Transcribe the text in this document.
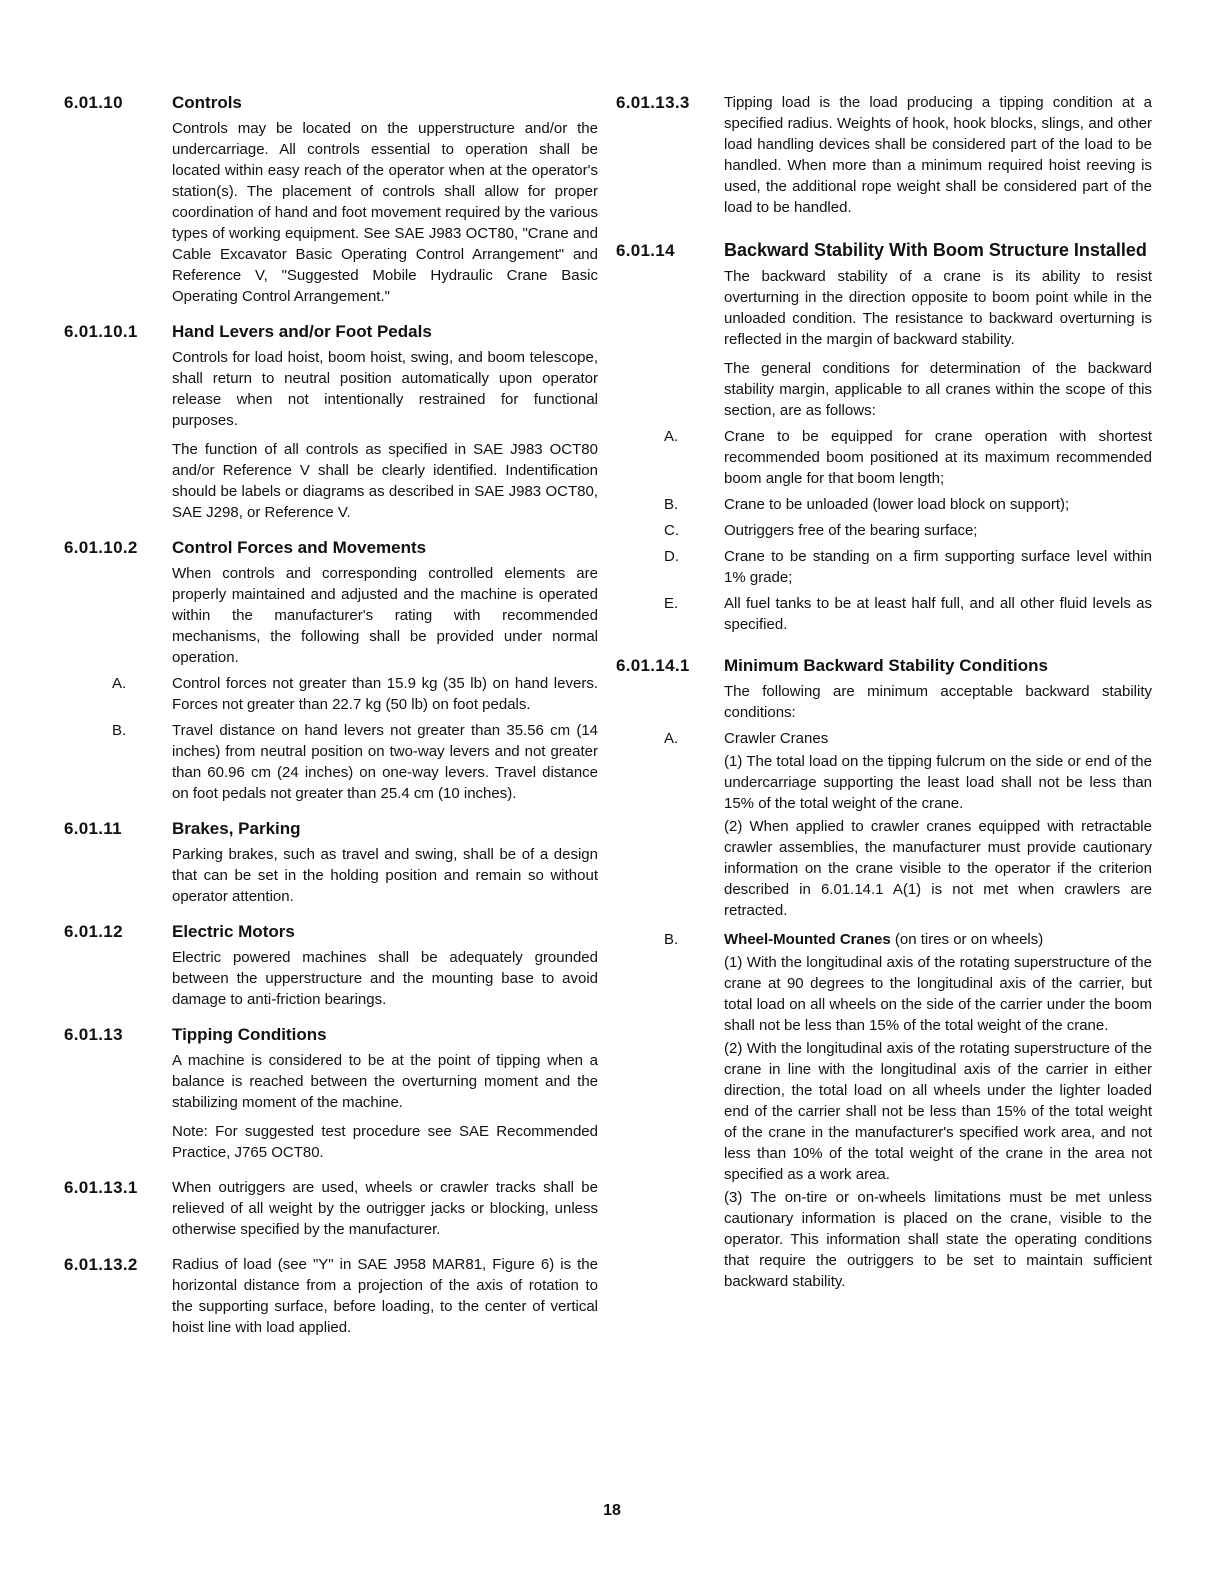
6.01.10	Controls

Controls may be located on the upperstructure and/or the undercarriage. All controls essential to operation shall be located within easy reach of the operator when at the operator's station(s). The placement of controls shall allow for proper coordination of hand and foot movement required by the various types of working equipment. See SAE J983 OCT80, "Crane and Cable Excavator Basic Operating Control Arrangement" and Reference V, "Suggested Mobile Hydraulic Crane Basic Operating Control Arrangement."

6.01.10.1	Hand Levers and/or Foot Pedals

Controls for load hoist, boom hoist, swing, and boom telescope, shall return to neutral position automatically upon operator release when not intentionally restrained for functional purposes.

The function of all controls as specified in SAE J983 OCT80 and/or Reference V shall be clearly identified. Indentification should be labels or diagrams as described in SAE J983 OCT80, SAE J298, or Reference V.

6.01.10.2	Control Forces and Movements

When controls and corresponding controlled elements are properly maintained and adjusted and the machine is operated within the manufacturer's rating with recommended mechanisms, the following shall be provided under normal operation.

A.	Control forces not greater than 15.9 kg (35 lb) on hand levers. Forces not greater than 22.7 kg (50 lb) on foot pedals.
B.	Travel distance on hand levers not greater than 35.56 cm (14 inches) from neutral position on two-way levers and not greater than 60.96 cm (24 inches) on one-way levers. Travel distance on foot pedals not greater than 25.4 cm (10 inches).
6.01.11	Brakes, Parking

Parking brakes, such as travel and swing, shall be of a design that can be set in the holding position and remain so without operator attention.

6.01.12	Electric Motors

Electric powered machines shall be adequately grounded between the upperstructure and the mounting base to avoid damage to anti-friction bearings.

6.01.13	Tipping Conditions

A machine is considered to be at the point of tipping when a balance is reached between the overturning moment and the stabilizing moment of the machine.

Note: For suggested test procedure see SAE Recommended Practice, J765 OCT80.

6.01.13.1	When outriggers are used, wheels or crawler tracks shall be relieved of all weight by the outrigger jacks or blocking, unless otherwise specified by the manufacturer.
6.01.13.2	Radius of load (see "Y" in SAE J958 MAR81, Figure 6) is the horizontal distance from a projection of the axis of rotation to the supporting surface, before loading, to the center of vertical hoist line with load applied.
6.01.13.3	Tipping load is the load producing a tipping condition at a specified radius. Weights of hook, hook blocks, slings, and other load handling devices shall be considered part of the load to be handled. When more than a minimum required hoist reeving is used, the additional rope weight shall be considered part of the load to be handled.
6.01.14	Backward Stability With Boom Structure Installed

The backward stability of a crane is its ability to resist overturning in the direction opposite to boom point while in the unloaded condition. The resistance to backward overturning is reflected in the margin of backward stability.

The general conditions for determination of the backward stability margin, applicable to all cranes within the scope of this section, are as follows:

A.	Crane to be equipped for crane operation with shortest recommended boom positioned at its maximum recommended boom angle for that boom length;
B.	Crane to be unloaded (lower load block on support);
C.	Outriggers free of the bearing surface;
D.	Crane to be standing on a firm supporting surface level within 1% grade;
E.	All fuel tanks to be at least half full, and all other fluid levels as specified.
6.01.14.1	Minimum Backward Stability Conditions

The following are minimum acceptable backward stability conditions:

A.	Crawler Cranes

(1) The total load on the tipping fulcrum on the side or end of the undercarriage supporting the least load shall not be less than 15% of the total weight of the crane.

(2) When applied to crawler cranes equipped with retractable crawler assemblies, the manufacturer must provide cautionary information on the crane visible to the operator if the criterion described in 6.01.14.1 A(1) is not met when crawlers are retracted.

B.	Wheel-Mounted Cranes (on tires or on wheels)

(1) With the longitudinal axis of the rotating superstructure of the crane at 90 degrees to the longitudinal axis of the carrier, but total load on all wheels on the side of the carrier under the boom shall not be less than 15% of the total weight of the crane.

(2) With the longitudinal axis of the rotating superstructure of the crane in line with the longitudinal axis of the carrier in either direction, the total load on all wheels under the lighter loaded end of the carrier shall not be less than 15% of the total weight of the crane in the manufacturer's specified work area, and not less than 10% of the total weight of the crane in the area not specified as a work area.

(3) The on-tire or on-wheels limitations must be met unless cautionary information is placed on the crane, visible to the operator. This information shall state the operating conditions that require the outriggers to be set to maintain sufficient backward stability.

18
